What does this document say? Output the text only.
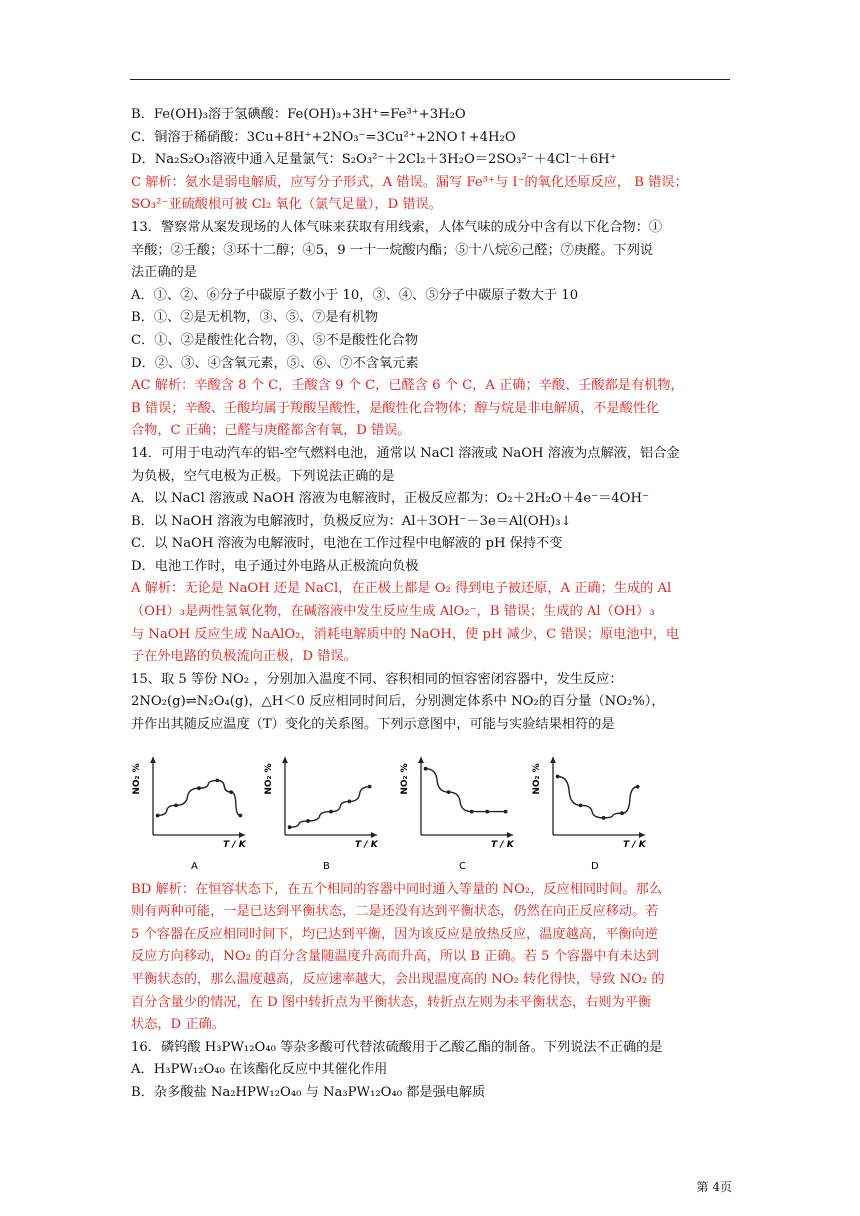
B．Fe(OH)₃溶于氢碘酸：Fe(OH)₃+3H⁺=Fe³⁺+3H₂O
C．铜溶于稀硝酸：3Cu+8H⁺+2NO₃⁻=3Cu²⁺+2NO↑+4H₂O
D．Na₂S₂O₃溶液中通入足量氯气：S₂O₃²⁻＋2Cl₂＋3H₂O＝2SO₃²⁻＋4Cl⁻＋6H⁺
C 解析：氨水是弱电解质，应写分子形式，A 错误。漏写 Fe³⁺与 I⁻的氧化还原反应， B 错误；
SO₃²⁻亚硫酸根可被 Cl₂ 氧化（氯气足量），D 错误。
13．警察常从案发现场的人体气味来获取有用线索，人体气味的成分中含有以下化合物：①
辛酸；②壬酸；③环十二醇；④5，9 一十一烷酸内酯；⑤十八烷⑥己醛；⑦庚醛。下列说
法正确的是
A．①、②、⑥分子中碳原子数小于 10，③、④、⑤分子中碳原子数大于 10
B．①、②是无机物，③、⑤、⑦是有机物
C．①、②是酸性化合物，③、⑤不是酸性化合物
D．②、③、④含氧元素，⑤、⑥、⑦不含氧元素
AC 解析：辛酸含 8 个 C，壬酸含 9 个 C，已醛含 6 个 C，A 正确；辛酸、壬酸都是有机物，
B 错误；辛酸、壬酸均属于羧酸呈酸性，是酸性化合物体；醇与烷是非电解质，不是酸性化
合物，C 正确；己醛与庚醛都含有氧，D 错误。
14．可用于电动汽车的铝-空气燃料电池，通常以 NaCl 溶液或 NaOH 溶液为点解液，铝合金
为负极，空气电极为正极。下列说法正确的是
A．以 NaCl 溶液或 NaOH 溶液为电解液时，正极反应都为：O₂＋2H₂O＋4e⁻＝4OH⁻
B．以 NaOH 溶液为电解液时，负极反应为：Al＋3OH⁻－3e＝Al(OH)₃↓
C．以 NaOH 溶液为电解液时，电池在工作过程中电解液的 pH 保持不变
D．电池工作时，电子通过外电路从正极流向负极
A 解析：无论是 NaOH 还是 NaCl，在正极上都是 O₂ 得到电子被还原，A 正确；生成的 Al
（OH）₃是两性氢氧化物，在碱溶液中发生反应生成 AlO₂⁻，B 错误；生成的 Al（OH）₃
与 NaOH 反应生成 NaAlO₂，消耗电解质中的 NaOH，使 pH 减少，C 错误；原电池中，电
子在外电路的负极流向正极，D 错误。
15、取 5 等份 NO₂ ，分别加入温度不同、容积相同的恒容密闭容器中，发生反应：
2NO₂(g)⇌N₂O₄(g)，△H＜0 反应相同时间后，分别测定体系中 NO₂的百分量（NO₂%），
并作出其随反应温度（T）变化的关系图。下列示意图中，可能与实验结果相符的是
NO₂ %
T / K
A
NO₂ %
T / K
B
NO₂ %
T / K
C
NO₂ %
T / K
D
BD 解析：在恒容状态下，在五个相同的容器中同时通入等量的 NO₂，反应相同时间。那么
则有两种可能，一是已达到平衡状态，二是还没有达到平衡状态，仍然在向正反应移动。若
5 个容器在反应相同时间下，均已达到平衡，因为该反应是放热反应，温度越高，平衡向逆
反应方向移动，NO₂ 的百分含量随温度升高而升高，所以 B 正确。若 5 个容器中有未达到
平衡状态的，那么温度越高，反应速率越大，会出现温度高的 NO₂ 转化得快，导致 NO₂ 的
百分含量少的情况，在 D 图中转折点为平衡状态，转折点左则为未平衡状态，右则为平衡
状态，D 正确。
16．磷钨酸 H₃PW₁₂O₄₀ 等杂多酸可代替浓硫酸用于乙酸乙酯的制备。下列说法不正确的是
A．H₃PW₁₂O₄₀ 在该酯化反应中其催化作用
B．杂多酸盐 Na₂HPW₁₂O₄₀ 与 Na₃PW₁₂O₄₀ 都是强电解质
第 4页
